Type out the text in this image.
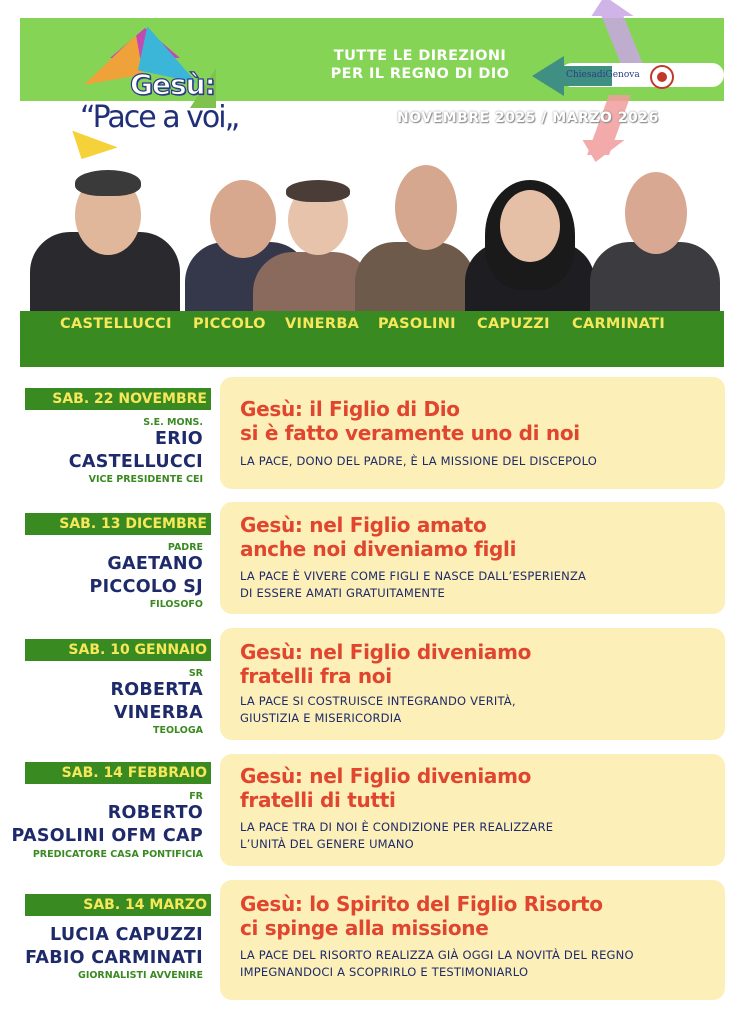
Gesù:
“Pace a voi„
TUTTE LE DIREZIONI
PER IL REGNO DI DIO	ChiesadiGenova
NOVEMBRE 2025 / MARZO 2026
CASTELLUCCI PICCOLO VINERBA PASOLINI CAPUZZI CARMINATI
SAB. 22 NOVEMBRE
S.E. MONS.
ERIO
CASTELLUCCI
VICE PRESIDENTE CEI
Gesù: il Figlio di Dio
si è fatto veramente uno di noi
LA PACE, DONO DEL PADRE, È LA MISSIONE DEL DISCEPOLO
SAB. 13 DICEMBRE
PADRE
GAETANO
PICCOLO SJ
FILOSOFO
Gesù: nel Figlio amato
anche noi diveniamo figli
LA PACE È VIVERE COME FIGLI E NASCE DALL’ESPERIENZA
DI ESSERE AMATI GRATUITAMENTE
SAB. 10 GENNAIO
SR
ROBERTA
VINERBA
TEOLOGA
Gesù: nel Figlio diveniamo
fratelli fra noi
LA PACE SI COSTRUISCE INTEGRANDO VERITÀ,
GIUSTIZIA E MISERICORDIA
SAB. 14 FEBBRAIO
FR
ROBERTO
PASOLINI OFM CAP
PREDICATORE CASA PONTIFICIA
Gesù: nel Figlio diveniamo
fratelli di tutti
LA PACE TRA DI NOI È CONDIZIONE PER REALIZZARE
L’UNITÀ DEL GENERE UMANO
SAB. 14 MARZO
LUCIA CAPUZZI
FABIO CARMINATI
GIORNALISTI AVVENIRE
Gesù: lo Spirito del Figlio Risorto
ci spinge alla missione
LA PACE DEL RISORTO REALIZZA GIÀ OGGI LA NOVITÀ DEL REGNO
IMPEGNANDOCI A SCOPRIRLO E TESTIMONIARLO
